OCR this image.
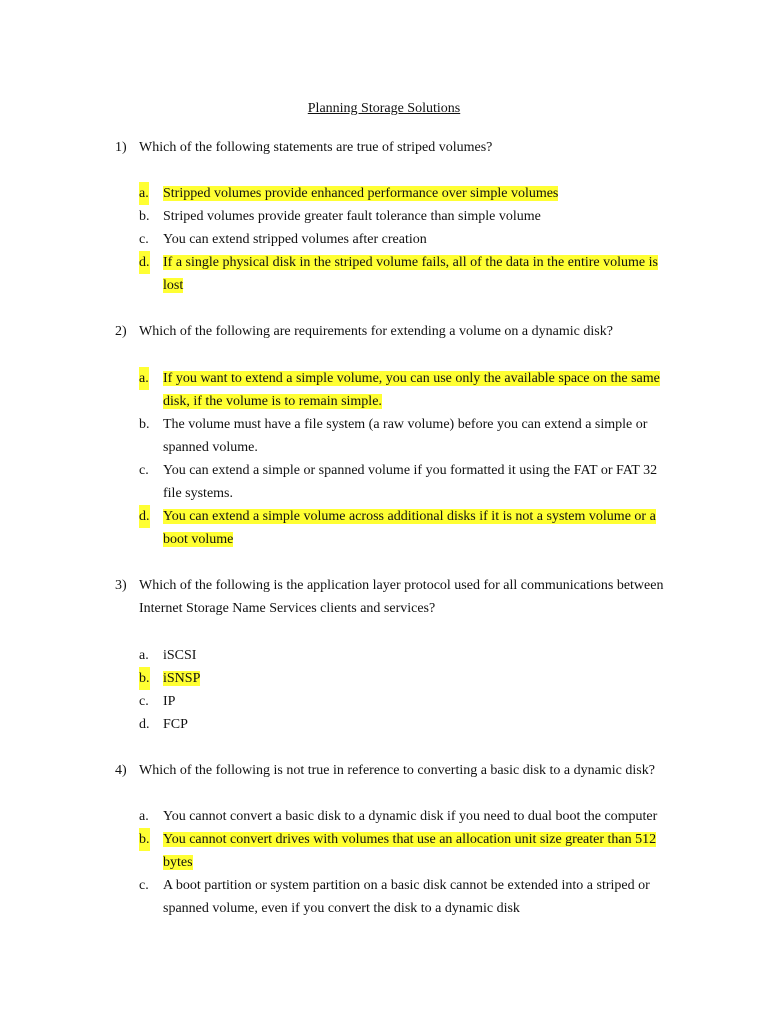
Planning Storage Solutions
1) Which of the following statements are true of striped volumes?
a. Stripped volumes provide enhanced performance over simple volumes
b. Striped volumes provide greater fault tolerance than simple volume
c. You can extend stripped volumes after creation
d. If a single physical disk in the striped volume fails, all of the data in the entire volume is lost
2) Which of the following are requirements for extending a volume on a dynamic disk?
a. If you want to extend a simple volume, you can use only the available space on the same disk, if the volume is to remain simple.
b. The volume must have a file system (a raw volume) before you can extend a simple or spanned volume.
c. You can extend a simple or spanned volume if you formatted it using the FAT or FAT 32 file systems.
d. You can extend a simple volume across additional disks if it is not a system volume or a boot volume
3) Which of the following is the application layer protocol used for all communications between Internet Storage Name Services clients and services?
a. iSCSI
b. iSNSP
c. IP
d. FCP
4) Which of the following is not true in reference to converting a basic disk to a dynamic disk?
a. You cannot convert a basic disk to a dynamic disk if you need to dual boot the computer
b. You cannot convert drives with volumes that use an allocation unit size greater than 512 bytes
c. A boot partition or system partition on a basic disk cannot be extended into a striped or spanned volume, even if you convert the disk to a dynamic disk
